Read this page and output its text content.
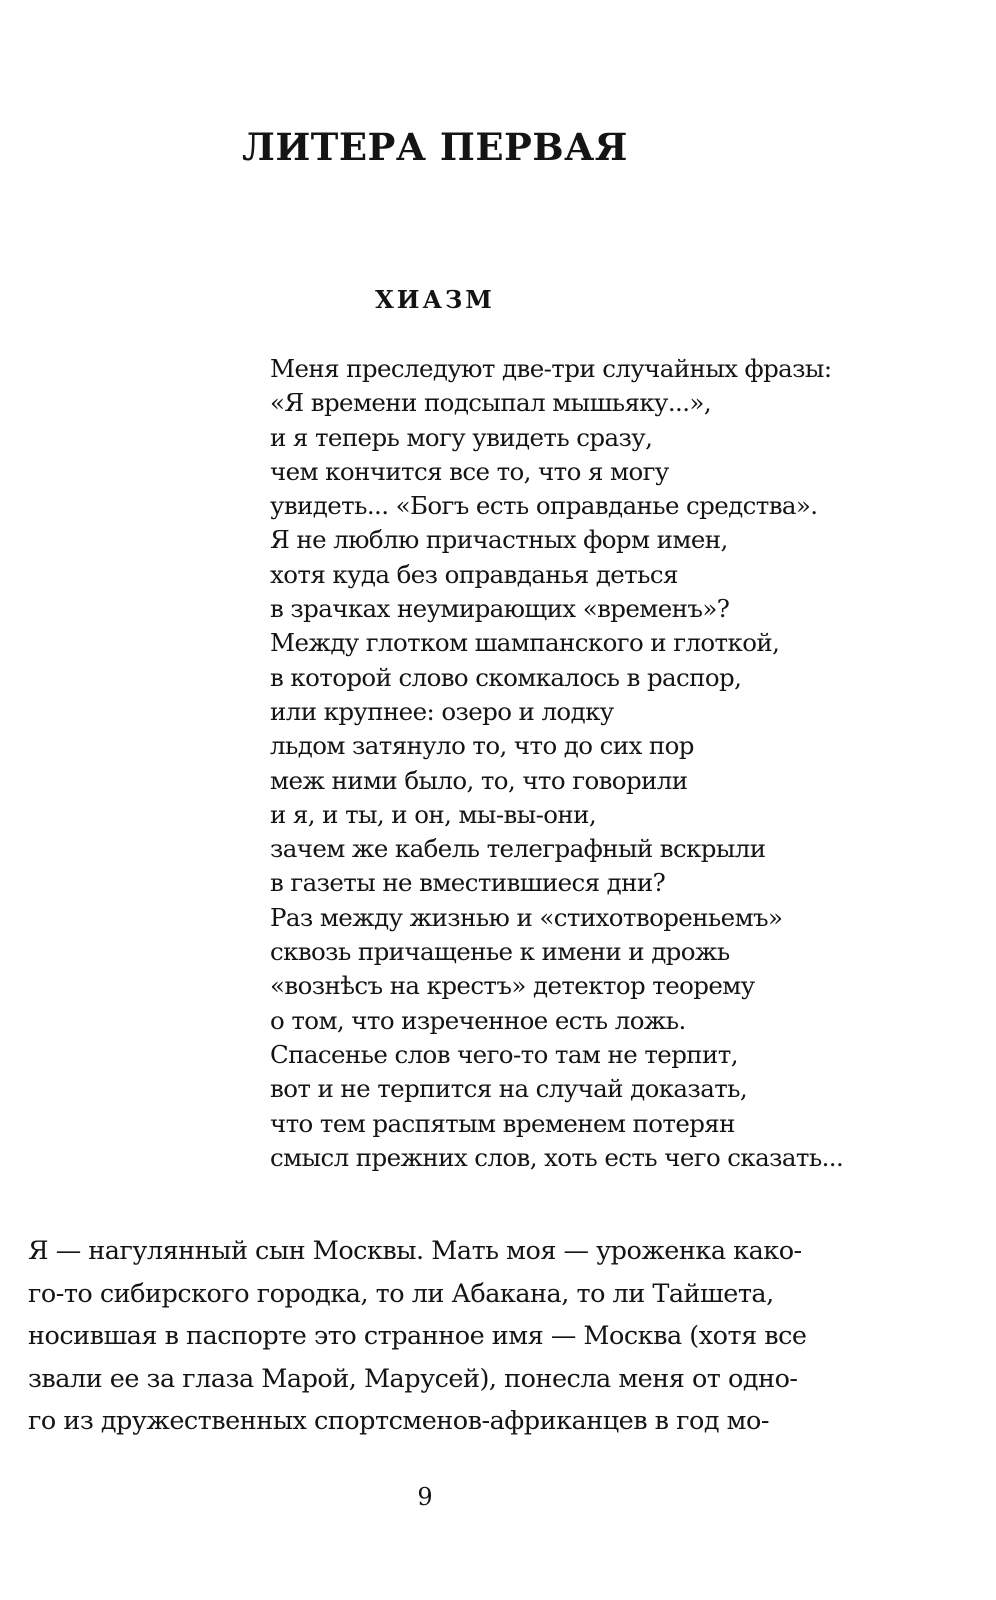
ЛИТЕРА ПЕРВАЯ
ХИАЗМ
Меня преследуют две-три случайных фразы:
«Я времени подсыпал мышьяку...»,
и я теперь могу увидеть сразу,
чем кончится все то, что я могу
увидеть... «Богъ есть оправданье средства».
Я не люблю причастных форм имен,
хотя куда без оправданья деться
в зрачках неумирающих «временъ»?
Между глотком шампанского и глоткой,
в которой слово скомкалось в распор,
или крупнее: озеро и лодку
льдом затянуло то, что до сих пор
меж ними было, то, что говорили
и я, и ты, и он, мы-вы-они,
зачем же кабель телеграфный вскрыли
в газеты не вместившиеся дни?
Раз между жизнью и «стихотвореньемъ»
сквозь причащенье к имени и дрожь
«вознѣсъ на крестъ» детектор теорему
о том, что изреченное есть ложь.
Спасенье слов чего-то там не терпит,
вот и не терпится на случай доказать,
что тем распятым временем потерян
смысл прежних слов, хоть есть чего сказать...
Я — нагулянный сын Москвы. Мать моя — уроженка како-
го-то сибирского городка, то ли Абакана, то ли Тайшета,
носившая в паспорте это странное имя — Москва (хотя все
звали ее за глаза Марой, Марусей), понесла меня от одно-
го из дружественных спортсменов-африканцев в год мо-
9
